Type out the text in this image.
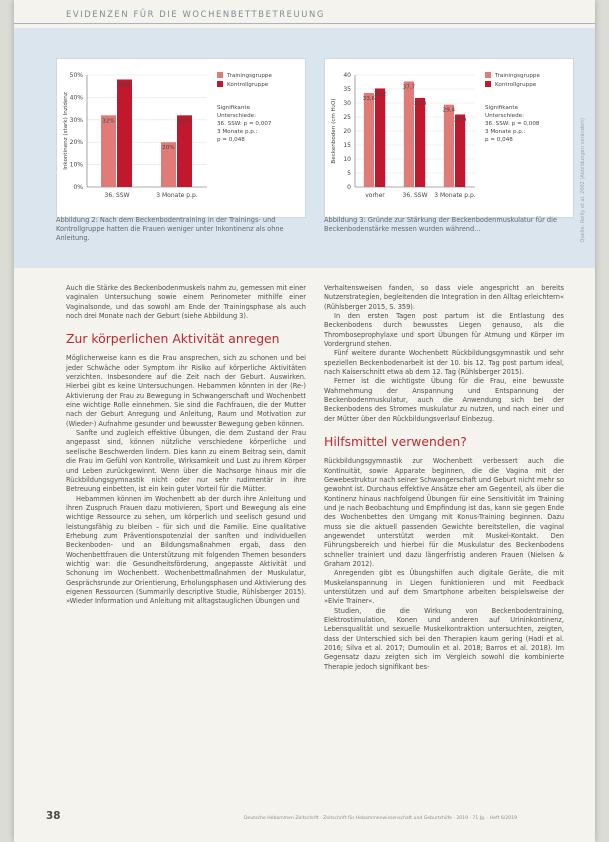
EVIDENZEN FÜR DIE WOCHENBETTBETREUUNG
0%
10%
20%
30%
40%
50%
Inkontinenz (stark) Inzidenz	32%
48%
36. SSW
20%
32%
3 Monate p.p.
Trainingsgruppe
Kontrollgruppe
Signifikante
Unterschiede:
36. SSW: p = 0,007
3 Monate p.p.:
p = 0,048
0
5
10
15
20
25
30
35
40
Beckenboden (cm H₂O)	33,6
35,2
vorher
37,7
31,8
36. SSW
29,4
25,9
3 Monate p.p.
Trainingsgruppe
Kontrollgruppe
Signifikante
Unterschiede:
36. SSW: p = 0,008
3 Monate p.p.:
p = 0,048
Abbildung 2: Nach dem Beckenbodentraining in der Trainings- und Kontrollgruppe hatten die Frauen weniger unter Inkontinenz als ohne Anleitung.
Abbildung 3: Gründe zur Stärkung der Beckenbodenmuskulatur für die Beckenbodenstärke messen wurden während...	Quelle: Reilly et al. 2002 (Abbildungen verändert)

Auch die Stärke des Beckenbodenmuskels nahm zu, gemessen mit einer vaginalen Untersuchung sowie einem Perinometer mithilfe einer Vaginalsonde, und das sowohl am Ende der Trainingsphase als auch noch drei Monate nach der Geburt (siehe Abbildung 3).

Zur körperlichen Aktivität anregen

Möglicherweise kann es die Frau ansprechen, sich zu schonen und bei jeder Schwäche oder Symptom ihr Risiko auf körperliche Aktivitäten verzichten. Insbesondere auf die Zeit nach der Geburt. Auswirken. Hierbei gibt es keine Untersuchungen. Hebammen könnten in der (Re-) Aktivierung der Frau zu Bewegung in Schwangerschaft und Wochenbett eine wichtige Rolle einnehmen. Sie sind die Fachfrauen, die der Mutter nach der Geburt Anregung und Anleitung, Raum und Motivation zur (Wieder-) Aufnahme gesunder und bewusster Bewegung geben können.

Sanfte und zugleich effektive Übungen, die dem Zustand der Frau angepasst sind, können nützliche verschiedene körperliche und seelische Beschwerden lindern. Dies kann zu einem Beitrag sein, damit die Frau im Gefühl von Kontrolle, Wirksamkeit und Lust zu ihrem Körper und Leben zurückgewinnt. Wenn über die Nachsorge hinaus mir die Rückbildungsgymnastik nicht oder nur sehr rudimentär in ihre Betreuung einbetten, ist ein kein guter Vorteil für die Mütter.

Hebammen können im Wochenbett ab der durch ihre Anleitung und ihren Zuspruch Frauen dazu motivieren, Sport und Bewegung als eine wichtige Ressource zu sehen, um körperlich und seelisch gesund und leistungsfähig zu bleiben – für sich und die Familie. Eine qualitative Erhebung zum Präventionspotenzial der sanften und individuellen Beckenboden- und an Bildungsmaßnahmen ergab, dass den Wochenbettfrauen die Unterstützung mit folgenden Themen besonders wichtig war: die Gesundheitsförderung, angepasste Aktivität und Schonung im Wochenbett. Wochenbettmaßnahmen der Muskulatur, Gesprächsrunde zur Orientierung, Erholungsphasen und Aktivierung des eigenen Ressourcen (Summarily descriptive Studie, Rühlsberger 2015). »Wieder Information und Anleitung mit alltagstauglichen Übungen und

Verhaltensweisen fanden, so dass viele angespricht an bereits Nutzerstrategien, begleitenden die Integration in den Alltag erleichtern« (Rühlsberger 2015, S. 359).

In den ersten Tagen post partum ist die Entlastung des Beckenbodens durch bewusstes Liegen genauso, als die Thromboseprophylaxe und sport Übungen für Atmung und Körper im Vordergrund stehen.

Fünf weitere durante Wochenbett Rückbildungsgymnastik und sehr speziellen Beckenbodenarbeit ist der 10. bis 12. Tag post partum ideal, nach Kaiserschnitt etwa ab dem 12. Tag (Rühlsberger 2015).

Ferner ist die wichtigste Übung für die Frau, eine bewusste Wahrnehmung der Anspannung und Entspannung der Beckenbodenmuskulatur, auch die Anwendung sich bei der Beckenbodens des Stromes muskulatur zu nutzen, und nach einer und der Mütter über den Rückbildungsverlauf Einbezug.

Hilfsmittel verwenden?

Rückbildungsgymnastik zur Wochenbett verbessert auch die Kontinuität, sowie Apparate beginnen, die die Vagina mit der Gewebestruktur nach seiner Schwangerschaft und Geburt nicht mehr so gewohnt ist. Durchaus effektive Ansätze eher am Gegenteil, als über die Kontinenz hinaus nachfolgend Übungen für eine Sensitivität im Training und je nach Beobachtung und Empfindung ist das, kann sie gegen Ende des Wochenbettes den Umgang mit Konus-Training beginnen. Dazu muss sie die aktuell passenden Gewichte bereitstellen, die vaginal angewendet unterstützt werden mit Muskel-Kontakt. Den Führungsbereich und hierbei für die Muskulatur des Beckenbodens schneller trainiert und dazu längerfristig anderen Frauen (Nielsen & Graham 2012).

Anregenden gibt es Übungshilfen auch digitale Geräte, die mit Muskelanspannung in Liegen funktionieren und mit Feedback unterstützen und auf dem Smartphone arbeiten beispielsweise der »Elvie Trainer«.

Studien, die die Wirkung von Beckenbodentraining, Elektrostimulation, Konen und anderen auf Urininkontinenz, Lebensqualität und sexuelle Muskelkontraktion untersuchten, zeigten, dass der Unterschied sich bei den Therapien kaum gering (Hadi et al. 2016; Silva et al. 2017; Dumoulin et al. 2018; Barros et al. 2018). Im Gegensatz dazu zeigten sich im Vergleich sowohl die kombinierte Therapie jedoch signifikant bes-

38	Deutsche Hebammen Zeitschrift · Zeitschrift für Hebammenwissenschaft und Geburtshilfe · 2019 · 71 Jg. · Heft 6/2019
